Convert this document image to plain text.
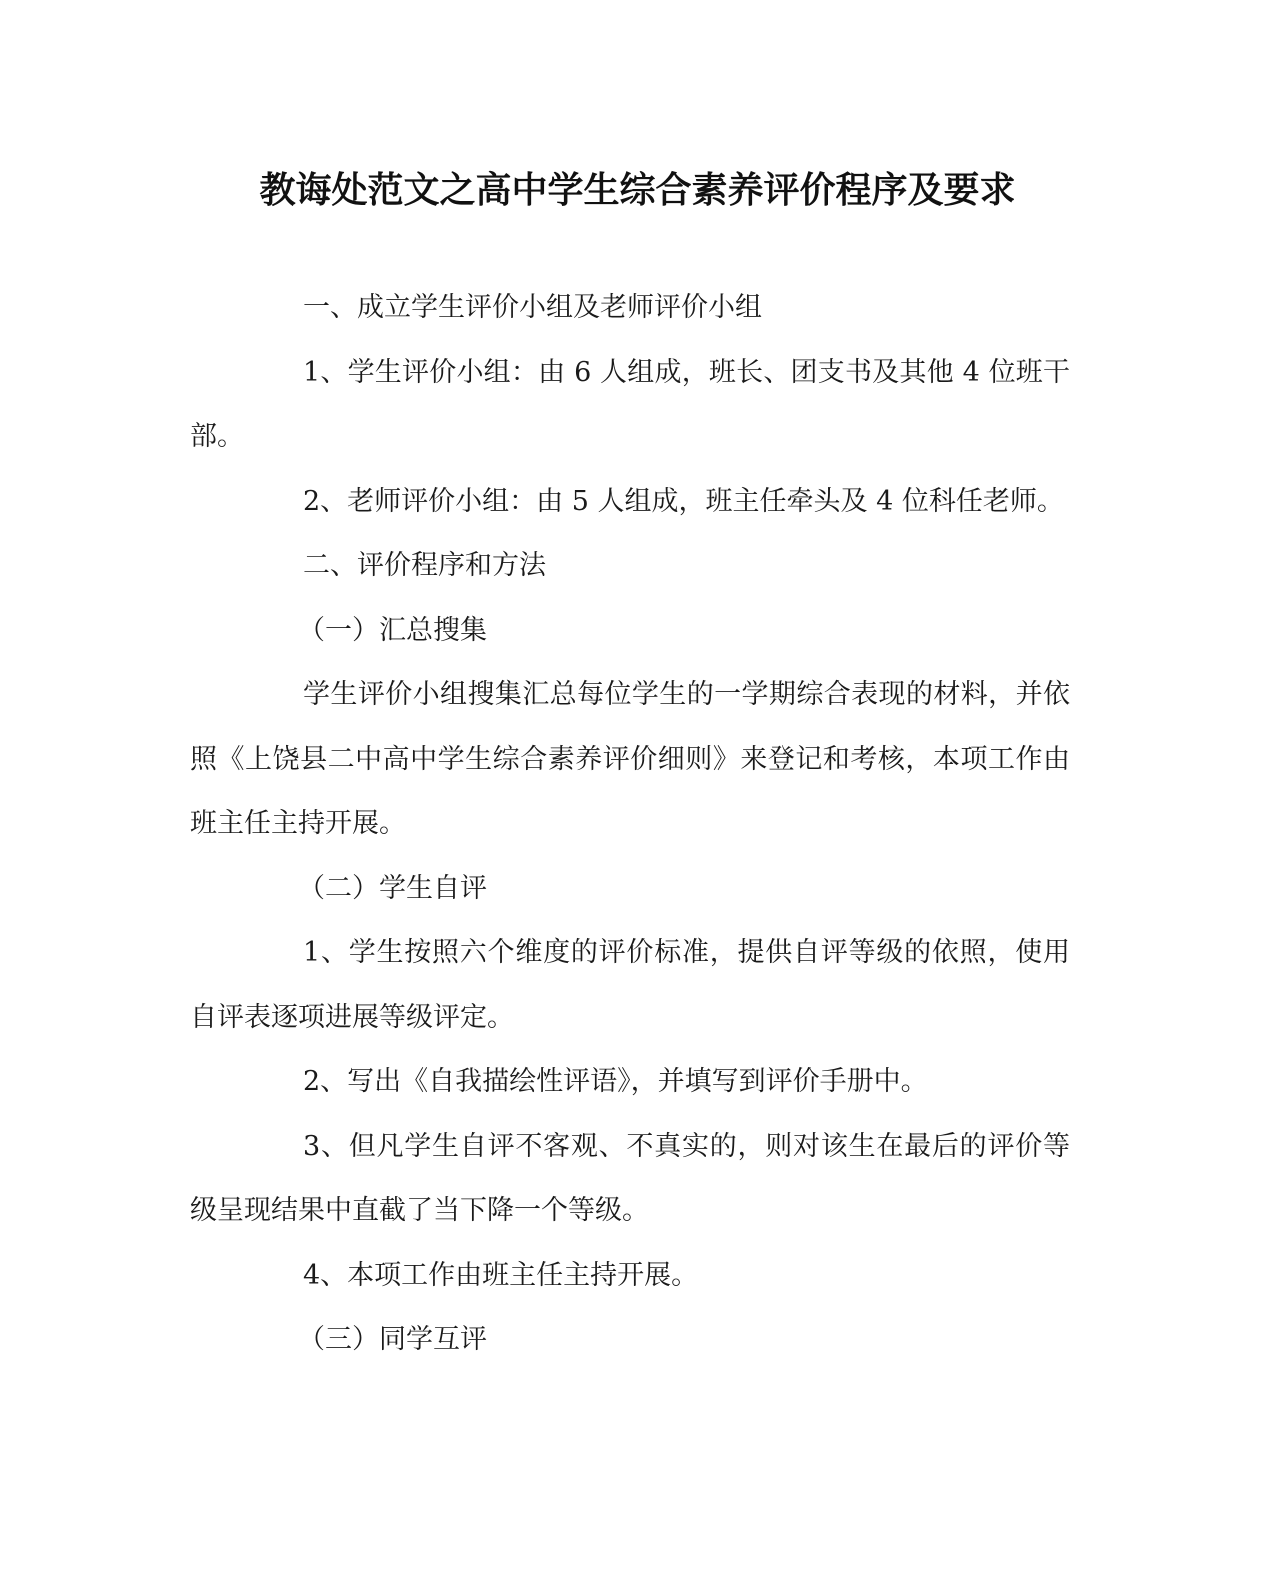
教诲处范文之高中学生综合素养评价程序及要求

一、成立学生评价小组及老师评价小组

1、学生评价小组：由 6 人组成，班长、团支书及其他 4 位班干部。

2、老师评价小组：由 5 人组成，班主任牵头及 4 位科任老师。

二、评价程序和方法

（一）汇总搜集

学生评价小组搜集汇总每位学生的一学期综合表现的材料，并依照《上饶县二中高中学生综合素养评价细则》来登记和考核，本项工作由班主任主持开展。

（二）学生自评

1、学生按照六个维度的评价标准，提供自评等级的依照，使用自评表逐项进展等级评定。

2、写出《自我描绘性评语》，并填写到评价手册中。

3、但凡学生自评不客观、不真实的，则对该生在最后的评价等级呈现结果中直截了当下降一个等级。

4、本项工作由班主任主持开展。

（三）同学互评
